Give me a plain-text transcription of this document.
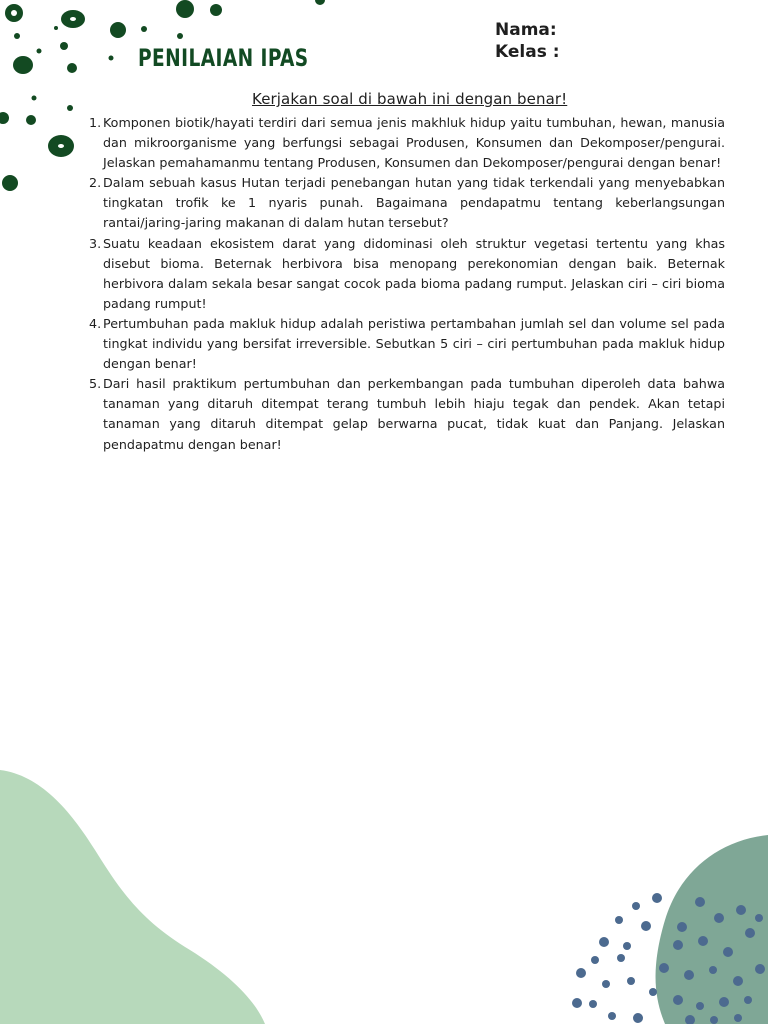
PENILAIAN IPAS
Nama:
Kelas :
Kerjakan soal di bawah ini dengan benar!
1. Komponen biotik/hayati terdiri dari semua jenis makhluk hidup yaitu tumbuhan, hewan, manusia dan mikroorganisme yang berfungsi sebagai Produsen, Konsumen dan Dekomposer/pengurai. Jelaskan pemahamanmu tentang Produsen, Konsumen dan Dekomposer/pengurai dengan benar!
2. Dalam sebuah kasus Hutan terjadi penebangan hutan yang tidak terkendali yang menyebabkan tingkatan trofik ke 1 nyaris punah. Bagaimana pendapatmu tentang keberlangsungan rantai/jaring-jaring makanan di dalam hutan tersebut?
3. Suatu keadaan ekosistem darat yang didominasi oleh struktur vegetasi tertentu yang khas disebut bioma. Beternak herbivora bisa menopang perekonomian dengan baik. Beternak herbivora dalam sekala besar sangat cocok pada bioma padang rumput. Jelaskan ciri – ciri bioma padang rumput!
4. Pertumbuhan pada makluk hidup adalah peristiwa pertambahan jumlah sel dan volume sel pada tingkat individu yang bersifat irreversible. Sebutkan 5 ciri – ciri pertumbuhan pada makluk hidup dengan benar!
5. Dari hasil praktikum pertumbuhan dan perkembangan pada tumbuhan diperoleh data bahwa tanaman yang ditaruh ditempat terang tumbuh lebih hiaju tegak dan pendek. Akan tetapi tanaman yang ditaruh ditempat gelap berwarna pucat, tidak kuat dan Panjang. Jelaskan pendapatmu dengan benar!
